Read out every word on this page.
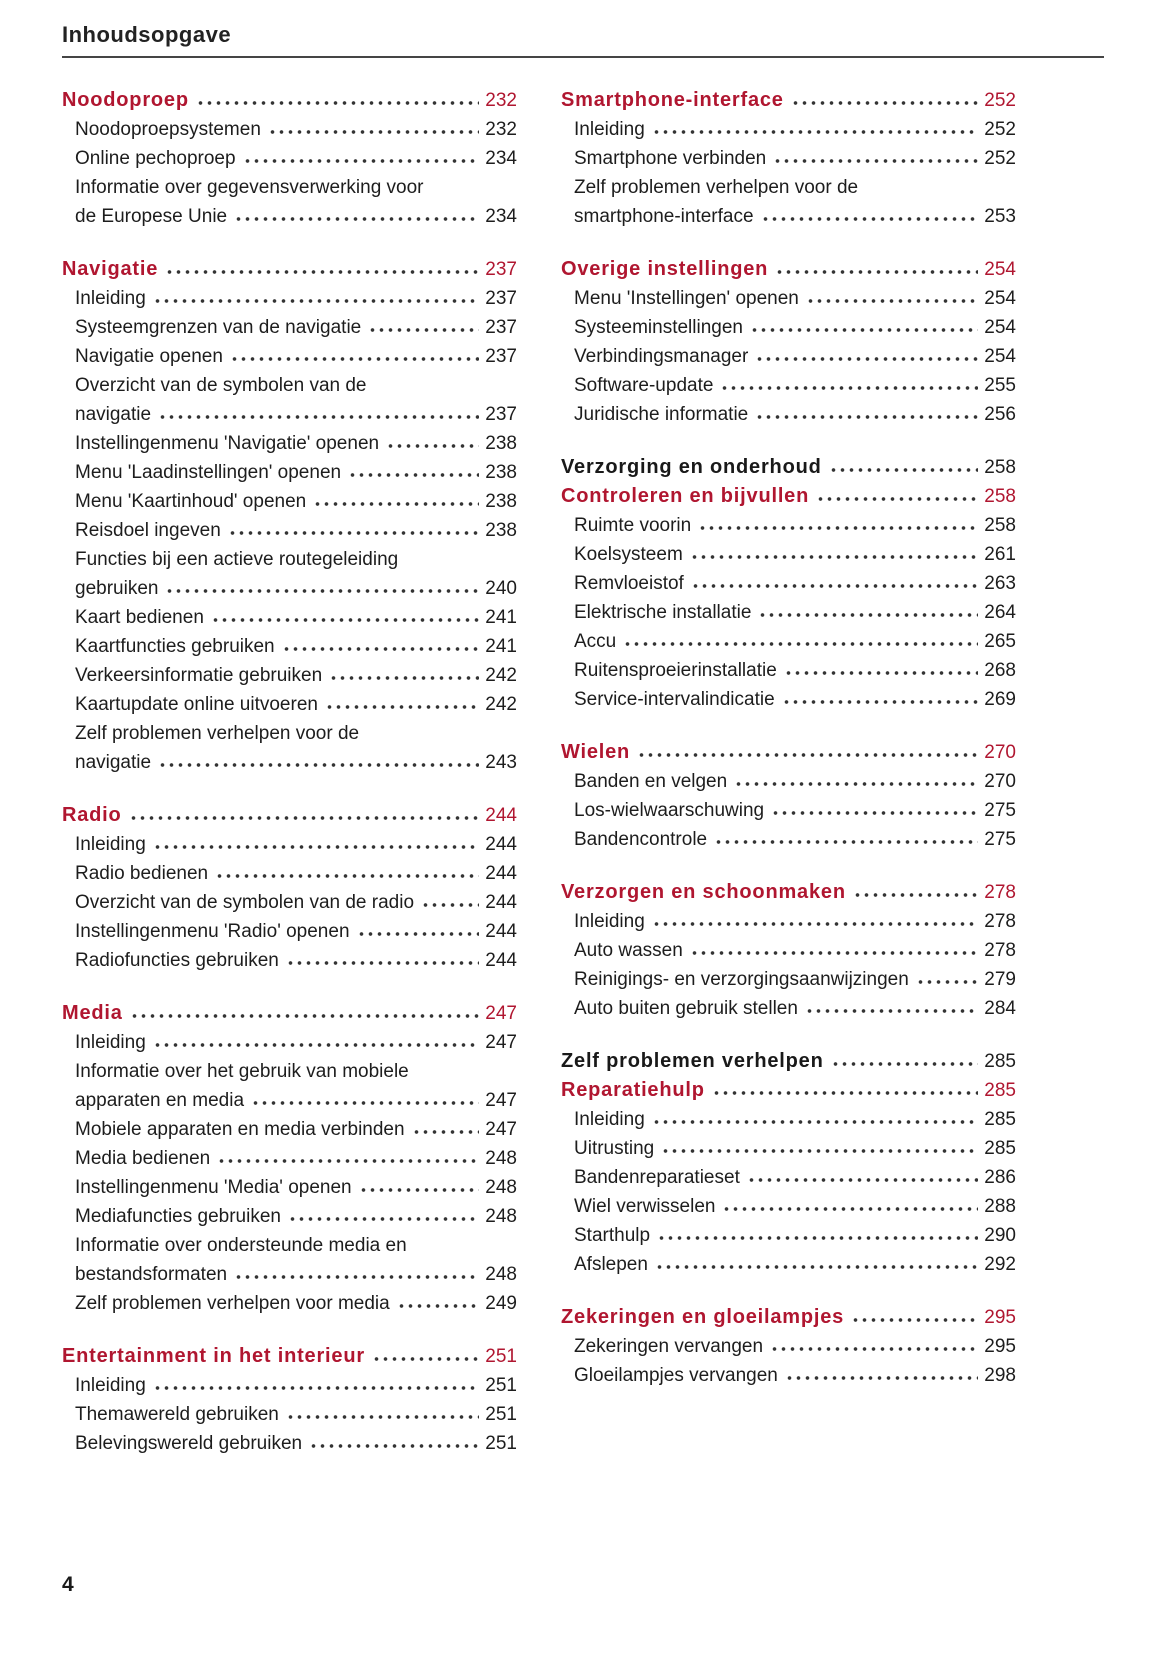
Inhoudsopgave
Noodoproep	232
Noodoproepsystemen	232
Online pechoproep	234
Informatie over gegevensverwerking voor
de Europese Unie	234
Navigatie	237
Inleiding	237
Systeemgrenzen van de navigatie	237
Navigatie openen	237
Overzicht van de symbolen van de
navigatie	237
Instellingenmenu 'Navigatie' openen	238
Menu 'Laadinstellingen' openen	238
Menu 'Kaartinhoud' openen	238
Reisdoel ingeven	238
Functies bij een actieve routegeleiding
gebruiken	240
Kaart bedienen	241
Kaartfuncties gebruiken	241
Verkeersinformatie gebruiken	242
Kaartupdate online uitvoeren	242
Zelf problemen verhelpen voor de
navigatie	243
Radio	244
Inleiding	244
Radio bedienen	244
Overzicht van de symbolen van de radio	244
Instellingenmenu 'Radio' openen	244
Radiofuncties gebruiken	244
Media	247
Inleiding	247
Informatie over het gebruik van mobiele
apparaten en media	247
Mobiele apparaten en media verbinden	247
Media bedienen	248
Instellingenmenu 'Media' openen	248
Mediafuncties gebruiken	248
Informatie over ondersteunde media en
bestandsformaten	248
Zelf problemen verhelpen voor media	249
Entertainment in het interieur	251
Inleiding	251
Themawereld gebruiken	251
Belevingswereld gebruiken	251
Smartphone-interface	252
Inleiding	252
Smartphone verbinden	252
Zelf problemen verhelpen voor de
smartphone-interface	253
Overige instellingen	254
Menu 'Instellingen' openen	254
Systeeminstellingen	254
Verbindingsmanager	254
Software-update	255
Juridische informatie	256
Verzorging en onderhoud	258
Controleren en bijvullen	258
Ruimte voorin	258
Koelsysteem	261
Remvloeistof	263
Elektrische installatie	264
Accu	265
Ruitensproeierinstallatie	268
Service-intervalindicatie	269
Wielen	270
Banden en velgen	270
Los-wielwaarschuwing	275
Bandencontrole	275
Verzorgen en schoonmaken	278
Inleiding	278
Auto wassen	278
Reinigings- en verzorgingsaanwijzingen	279
Auto buiten gebruik stellen	284
Zelf problemen verhelpen	285
Reparatiehulp	285
Inleiding	285
Uitrusting	285
Bandenreparatieset	286
Wiel verwisselen	288
Starthulp	290
Afslepen	292
Zekeringen en gloeilampjes	295
Zekeringen vervangen	295
Gloeilampjes vervangen	298
4
